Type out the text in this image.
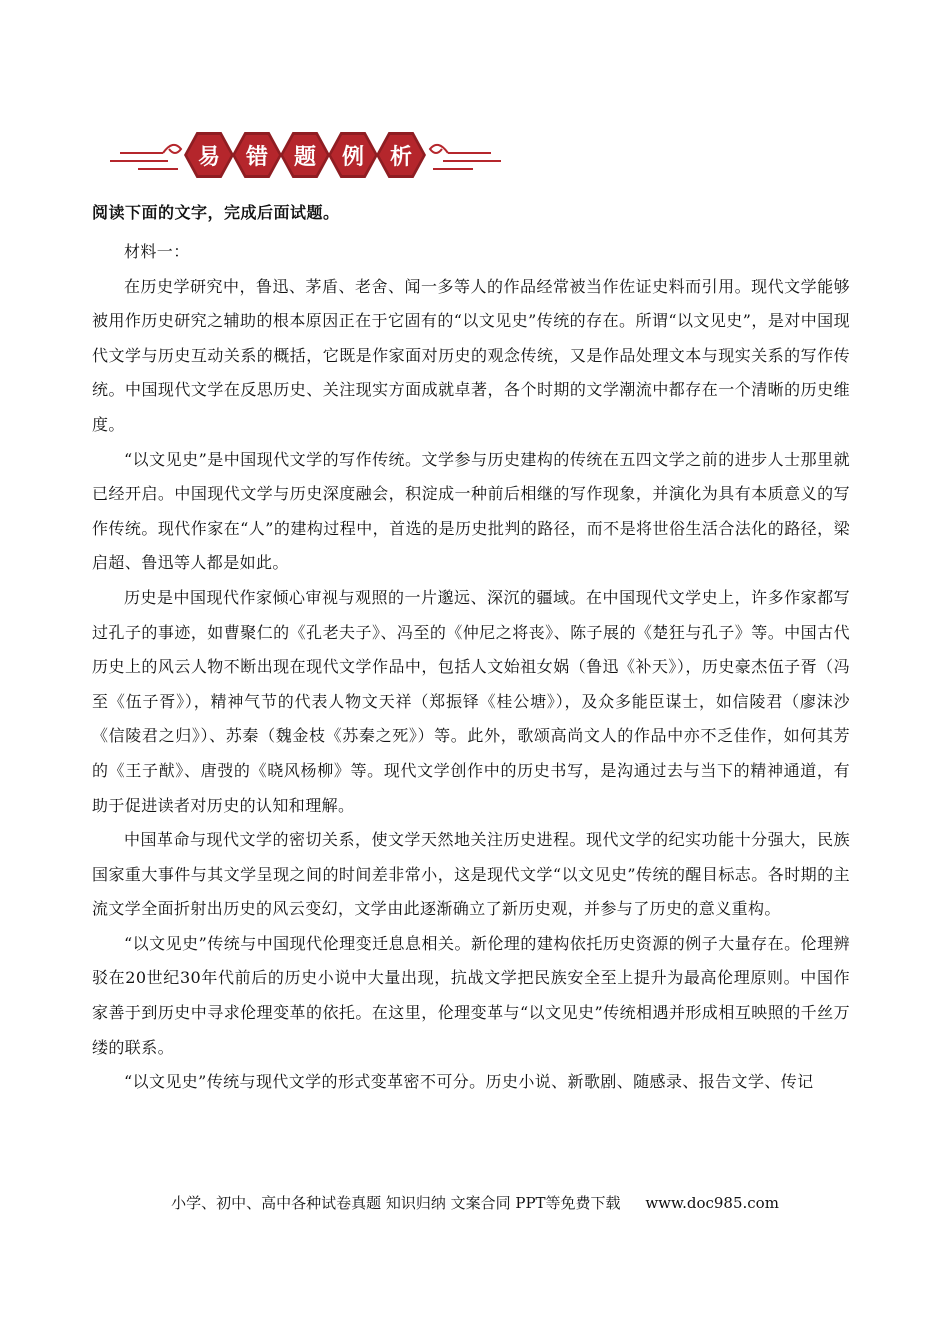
易	错	题	例	析
阅读下面的文字，完成后面试题。

材料一：

在历史学研究中，鲁迅、茅盾、老舍、闻一多等人的作品经常被当作佐证史料而引用。现代文学能够被用作历史研究之辅助的根本原因正在于它固有的“以文见史”传统的存在。所谓“以文见史”，是对中国现代文学与历史互动关系的概括，它既是作家面对历史的观念传统，又是作品处理文本与现实关系的写作传统。中国现代文学在反思历史、关注现实方面成就卓著，各个时期的文学潮流中都存在一个清晰的历史维度。

“以文见史”是中国现代文学的写作传统。文学参与历史建构的传统在五四文学之前的进步人士那里就已经开启。中国现代文学与历史深度融会，积淀成一种前后相继的写作现象，并演化为具有本质意义的写作传统。现代作家在“人”的建构过程中，首选的是历史批判的路径，而不是将世俗生活合法化的路径，梁启超、鲁迅等人都是如此。

历史是中国现代作家倾心审视与观照的一片邈远、深沉的疆域。在中国现代文学史上，许多作家都写过孔子的事迹，如曹聚仁的《孔老夫子》、冯至的《仲尼之将丧》、陈子展的《楚狂与孔子》等。中国古代历史上的风云人物不断出现在现代文学作品中，包括人文始祖女娲（鲁迅《补天》），历史豪杰伍子胥（冯至《伍子胥》），精神气节的代表人物文天祥（郑振铎《桂公塘》），及众多能臣谋士，如信陵君（廖沫沙《信陵君之归》）、苏秦（魏金枝《苏秦之死》）等。此外，歌颂高尚文人的作品中亦不乏佳作，如何其芳的《王子猷》、唐弢的《晓风杨柳》等。现代文学创作中的历史书写，是沟通过去与当下的精神通道，有助于促进读者对历史的认知和理解。

中国革命与现代文学的密切关系，使文学天然地关注历史进程。现代文学的纪实功能十分强大，民族国家重大事件与其文学呈现之间的时间差非常小，这是现代文学“以文见史”传统的醒目标志。各时期的主流文学全面折射出历史的风云变幻，文学由此逐渐确立了新历史观，并参与了历史的意义重构。

“以文见史”传统与中国现代伦理变迁息息相关。新伦理的建构依托历史资源的例子大量存在。伦理辨驳在20世纪30年代前后的历史小说中大量出现，抗战文学把民族安全至上提升为最高伦理原则。中国作家善于到历史中寻求伦理变革的依托。在这里，伦理变革与“以文见史”传统相遇并形成相互映照的千丝万缕的联系。

“以文见史”传统与现代文学的形式变革密不可分。历史小说、新歌剧、随感录、报告文学、传记

小学、初中、高中各种试卷真题 知识归纳 文案合同 PPT等免费下载 www.doc985.com
